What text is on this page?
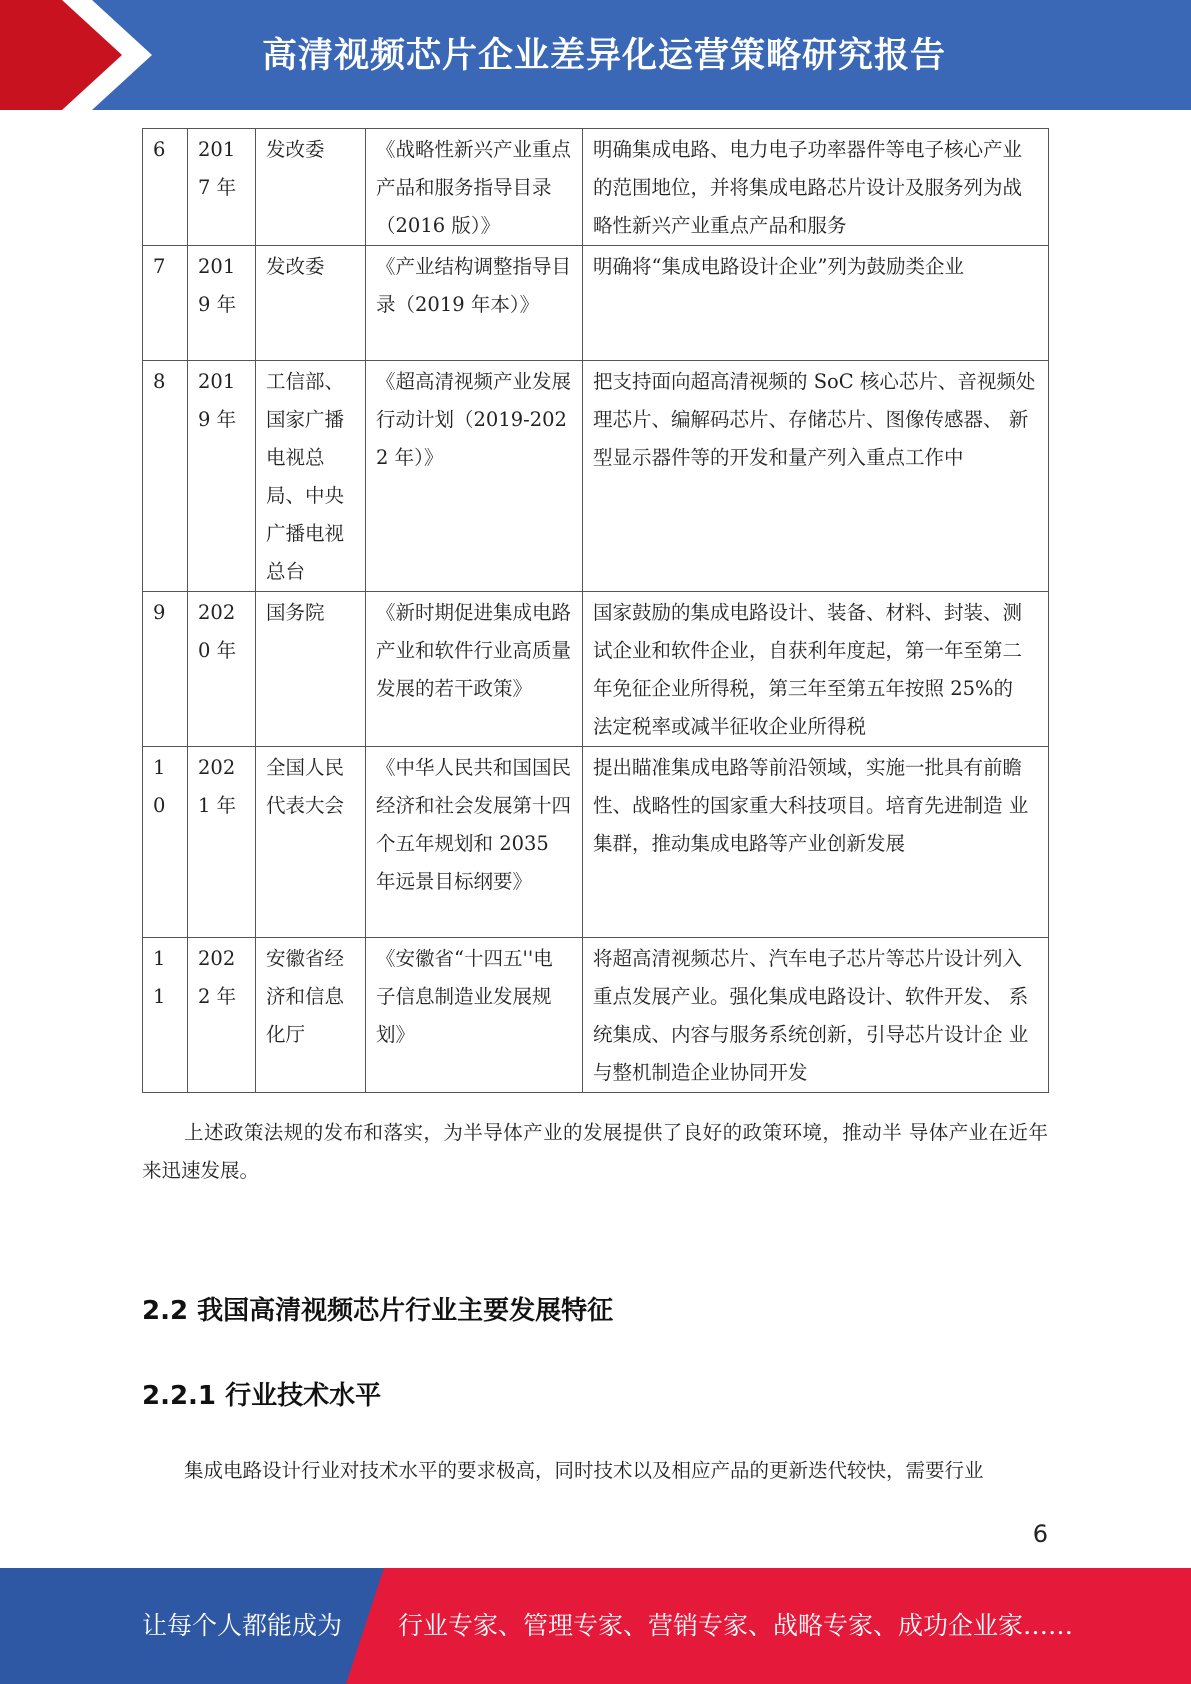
高清视频芯片企业差异化运营策略研究报告
6	2017 年	发改委	《战略性新兴产业重点产品和服务指导目录（2016 版）》	明确集成电路、电力电子功率器件等电子核心产业的范围地位，并将集成电路芯片设计及服务列为战略性新兴产业重点产品和服务
7	2019 年	发改委	《产业结构调整指导目录（2019 年本）》	明确将“集成电路设计企业”列为鼓励类企业
8	2019 年	工信部、国家广播电视总局、中央广播电视总台	《超高清视频产业发展行动计划（2019-2022 年）》	把支持面向超高清视频的 SoC 核心芯片、音视频处理芯片、编解码芯片、存储芯片、图像传感器、 新型显示器件等的开发和量产列入重点工作中
9	2020 年	国务院	《新时期促进集成电路产业和软件行业高质量发展的若干政策》	国家鼓励的集成电路设计、装备、材料、封装、测 试企业和软件企业，自获利年度起，第一年至第二 年免征企业所得税，第三年至第五年按照 25%的 法定税率或减半征收企业所得税
10	2021 年	全国人民代表大会	《中华人民共和国国民经济和社会发展第十四个五年规划和 2035 年远景目标纲要》	提出瞄准集成电路等前沿领域，实施一批具有前瞻性、战略性的国家重大科技项目。培育先进制造 业集群，推动集成电路等产业创新发展
11	2022 年	安徽省经济和信息化厅	《安徽省“十四五''电子信息制造业发展规划》	将超高清视频芯片、汽车电子芯片等芯片设计列入重点发展产业。强化集成电路设计、软件开发、 系统集成、内容与服务系统创新，引导芯片设计企 业与整机制造企业协同开发

上述政策法规的发布和落实，为半导体产业的发展提供了良好的政策环境，推动半 导体产业在近年来迅速发展。

2.2 我国高清视频芯片行业主要发展特征
2.2.1 行业技术水平

集成电路设计行业对技术水平的要求极高，同时技术以及相应产品的更新迭代较快，需要行业

6
让每个人都能成为 行业专家、管理专家、营销专家、战略专家、成功企业家……
